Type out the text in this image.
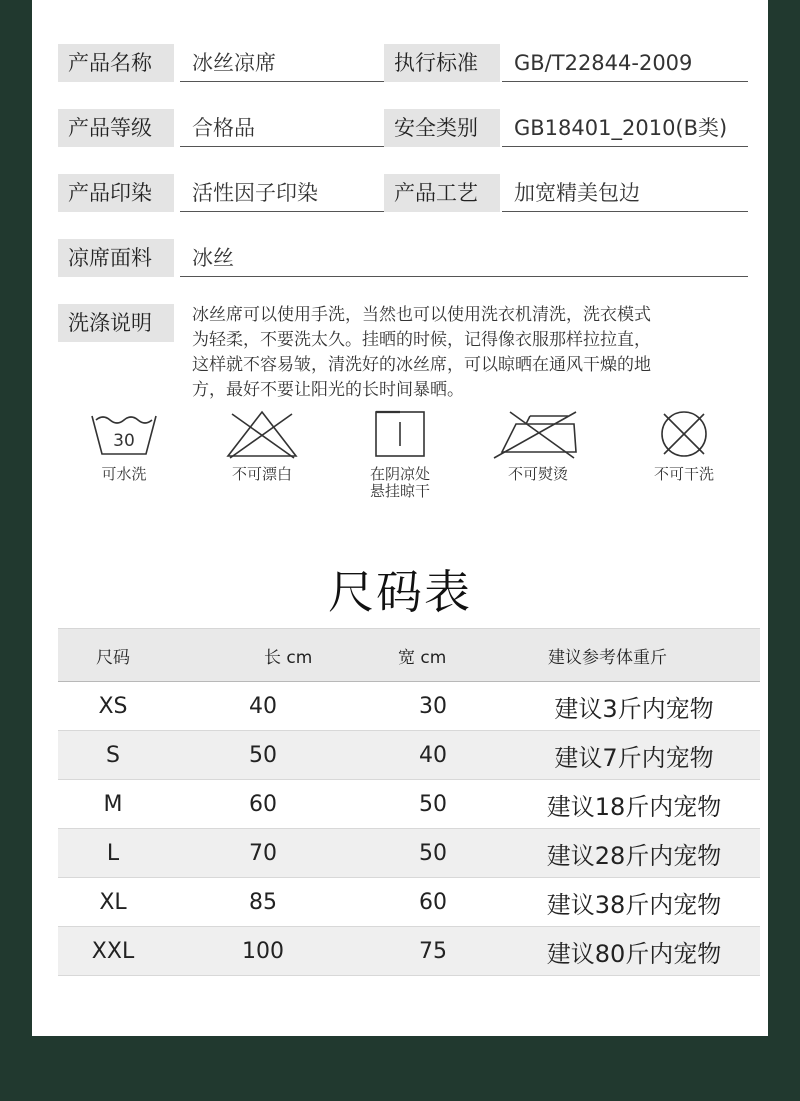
产品名称	冰丝凉席	执行标准	GB/T22844-2009
产品等级	合格品	安全类别	GB18401_2010(B类)
产品印染	活性因子印染	产品工艺	加宽精美包边
凉席面料	冰丝
洗涤说明	冰丝席可以使用手洗，当然也可以使用洗衣机清洗，洗衣模式
为轻柔，不要洗太久。挂晒的时候，记得像衣服那样拉拉直，
这样就不容易皱，清洗好的冰丝席，可以晾晒在通风干燥的地
方，最好不要让阳光的长时间暴晒。
30
可水洗	不可漂白	在阴凉处
悬挂晾干
不可熨烫	不可干洗
尺码表
尺码	长 cm	宽 cm	建议参考体重斤
XS	40	30	建议3斤内宠物
S	50	40	建议7斤内宠物
M	60	50	建议18斤内宠物
L	70	50	建议28斤内宠物
XL	85	60	建议38斤内宠物
XXL	100	75	建议80斤内宠物
